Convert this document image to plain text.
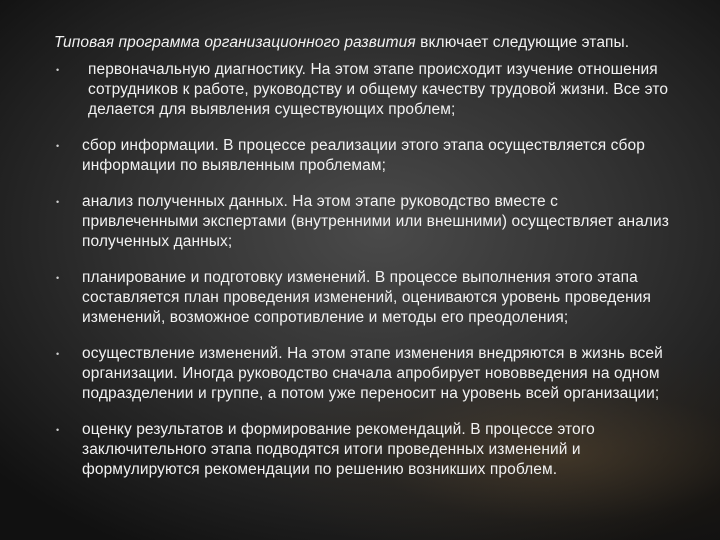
Типовая программа организационного развития включает следующие этапы.

• первоначальную диагностику. На этом этапе происходит изучение отношения сотрудников к работе, руководству и общему качеству трудовой жизни. Все это делается для выявления существующих проблем;
• сбор информации. В процессе реализации этого этапа осуществляется сбор информации по выявленным проблемам;
• анализ полученных данных. На этом этапе руководство вместе с привлеченными экспертами (внутренними или внешними) осуществляет анализ полученных данных;
• планирование и подготовку изменений. В процессе выполнения этого этапа составляется план проведения изменений, оцениваются уровень проведения изменений, возможное сопротивление и методы его преодоления;
• осуществление изменений. На этом этапе изменения внедряются в жизнь всей организации. Иногда руководство сначала апробирует нововведения на одном подразделении и группе, а потом уже переносит на уровень всей организации;
• оценку результатов и формирование рекомендаций. В процессе этого заключительного этапа подводятся итоги проведенных изменений и формулируются рекомендации по решению возникших проблем.
